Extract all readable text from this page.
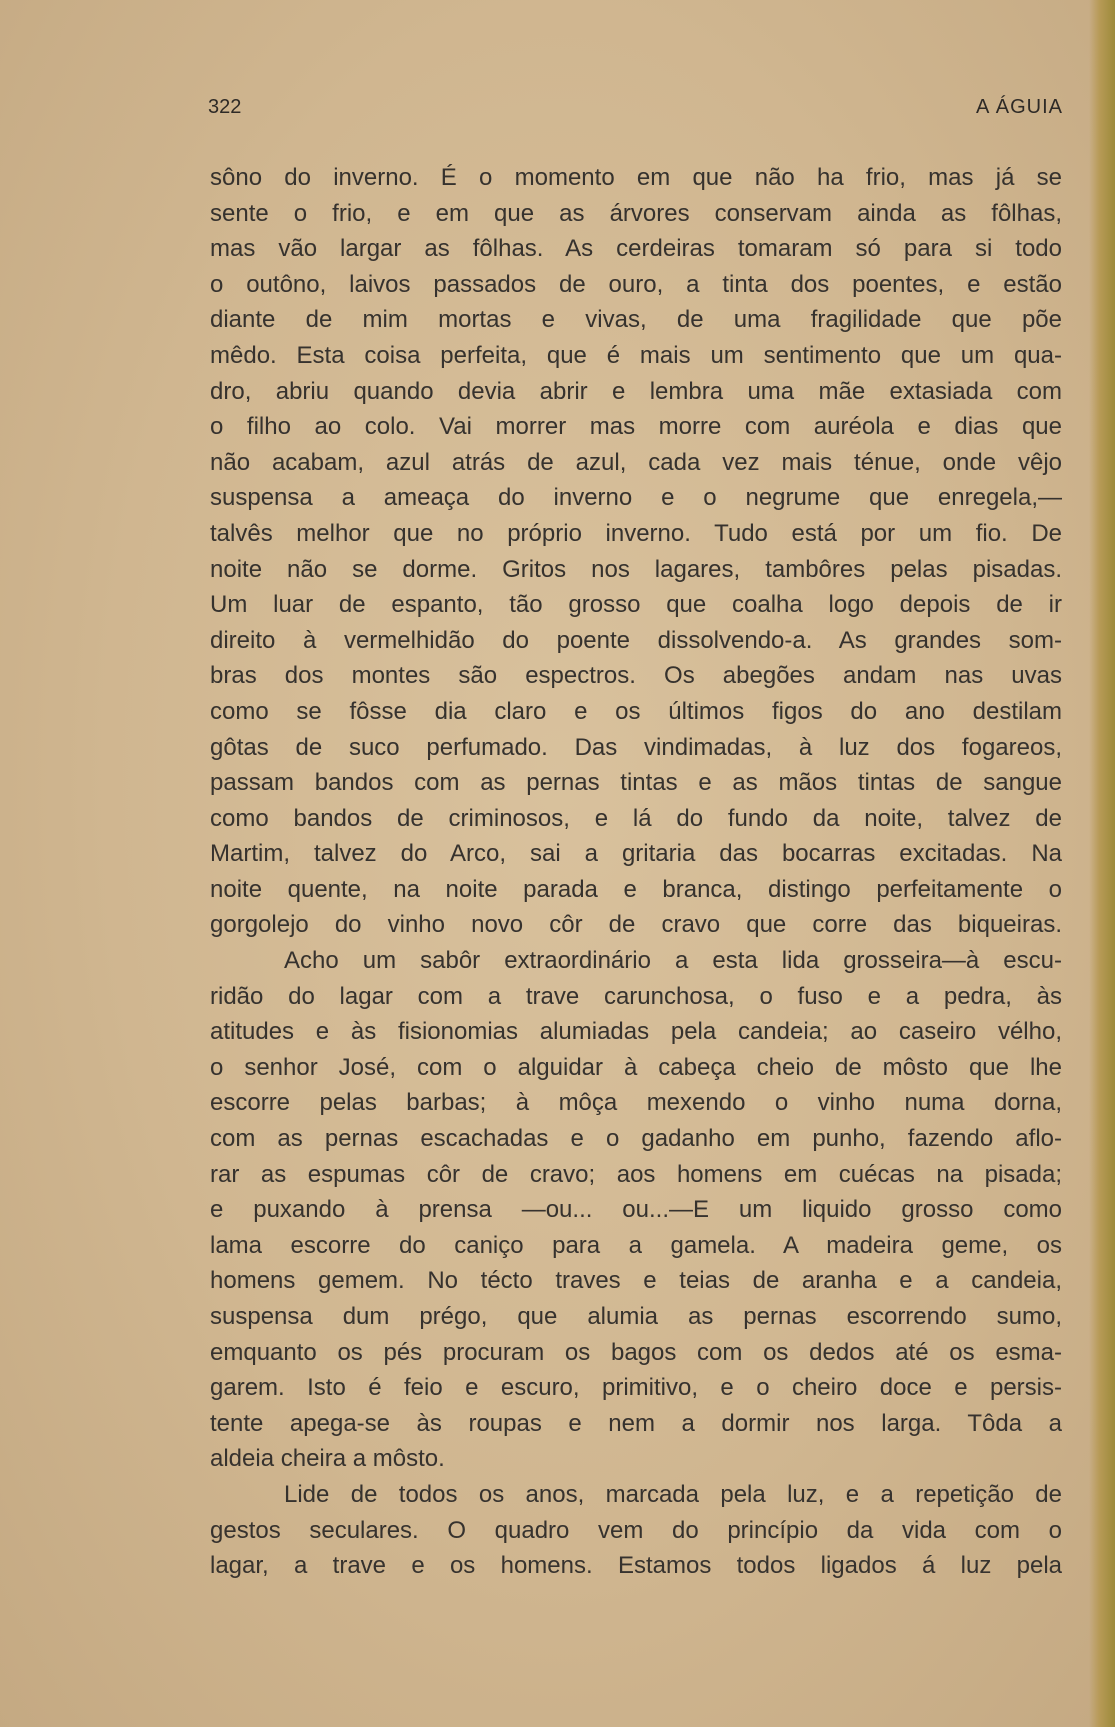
322	A ÁGUIA
sôno do inverno. É o momento em que não ha frio, mas já se
sente o frio, e em que as árvores conservam ainda as fôlhas,
mas vão largar as fôlhas. As cerdeiras tomaram só para si todo
o outôno, laivos passados de ouro, a tinta dos poentes, e estão
diante de mim mortas e vivas, de uma fragilidade que põe
mêdo. Esta coisa perfeita, que é mais um sentimento que um qua-
dro, abriu quando devia abrir e lembra uma mãe extasiada com
o filho ao colo. Vai morrer mas morre com auréola e dias que
não acabam, azul atrás de azul, cada vez mais ténue, onde vêjo
suspensa a ameaça do inverno e o negrume que enregela,—
talvês melhor que no próprio inverno. Tudo está por um fio. De
noite não se dorme. Gritos nos lagares, tambôres pelas pisadas.
Um luar de espanto, tão grosso que coalha logo depois de ir
direito à vermelhidão do poente dissolvendo-a. As grandes som-
bras dos montes são espectros. Os abegões andam nas uvas
como se fôsse dia claro e os últimos figos do ano destilam
gôtas de suco perfumado. Das vindimadas, à luz dos fogareos,
passam bandos com as pernas tintas e as mãos tintas de sangue
como bandos de criminosos, e lá do fundo da noite, talvez de
Martim, talvez do Arco, sai a gritaria das bocarras excitadas. Na
noite quente, na noite parada e branca, distingo perfeitamente o
gorgolejo do vinho novo côr de cravo que corre das biqueiras.
Acho um sabôr extraordinário a esta lida grosseira—à escu-
ridão do lagar com a trave carunchosa, o fuso e a pedra, às
atitudes e às fisionomias alumiadas pela candeia; ao caseiro vélho,
o senhor José, com o alguidar à cabeça cheio de môsto que lhe
escorre pelas barbas; à môça mexendo o vinho numa dorna,
com as pernas escachadas e o gadanho em punho, fazendo aflo-
rar as espumas côr de cravo; aos homens em cuécas na pisada;
e puxando à prensa —ou... ou...—E um liquido grosso como
lama escorre do caniço para a gamela. A madeira geme, os
homens gemem. No técto traves e teias de aranha e a candeia,
suspensa dum prégo, que alumia as pernas escorrendo sumo,
emquanto os pés procuram os bagos com os dedos até os esma-
garem. Isto é feio e escuro, primitivo, e o cheiro doce e persis-
tente apega-se às roupas e nem a dormir nos larga. Tôda a
aldeia cheira a môsto.
Lide de todos os anos, marcada pela luz, e a repetição de
gestos seculares. O quadro vem do princípio da vida com o
lagar, a trave e os homens. Estamos todos ligados á luz pela
